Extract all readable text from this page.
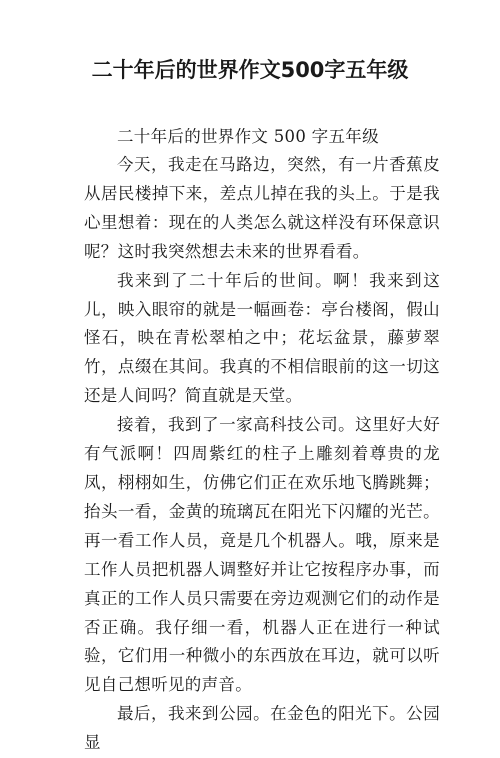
二十年后的世界作文500字五年级

二十年后的世界作文 500 字五年级

今天，我走在马路边，突然，有一片香蕉皮从居民楼掉下来，差点儿掉在我的头上。于是我心里想着：现在的人类怎么就这样没有环保意识呢？这时我突然想去未来的世界看看。

我来到了二十年后的世间。啊！我来到这儿，映入眼帘的就是一幅画卷：亭台楼阁，假山怪石，映在青松翠柏之中；花坛盆景，藤萝翠竹，点缀在其间。我真的不相信眼前的这一切这还是人间吗？简直就是天堂。

接着，我到了一家高科技公司。这里好大好有气派啊！四周紫红的柱子上雕刻着尊贵的龙凤，栩栩如生，仿佛它们正在欢乐地飞腾跳舞；抬头一看，金黄的琉璃瓦在阳光下闪耀的光芒。再一看工作人员，竟是几个机器人。哦，原来是工作人员把机器人调整好并让它按程序办事，而真正的工作人员只需要在旁边观测它们的动作是否正确。我仔细一看，机器人正在进行一种试验，它们用一种微小的东西放在耳边，就可以听见自己想听见的声音。

最后，我来到公园。在金色的阳光下。公园显
